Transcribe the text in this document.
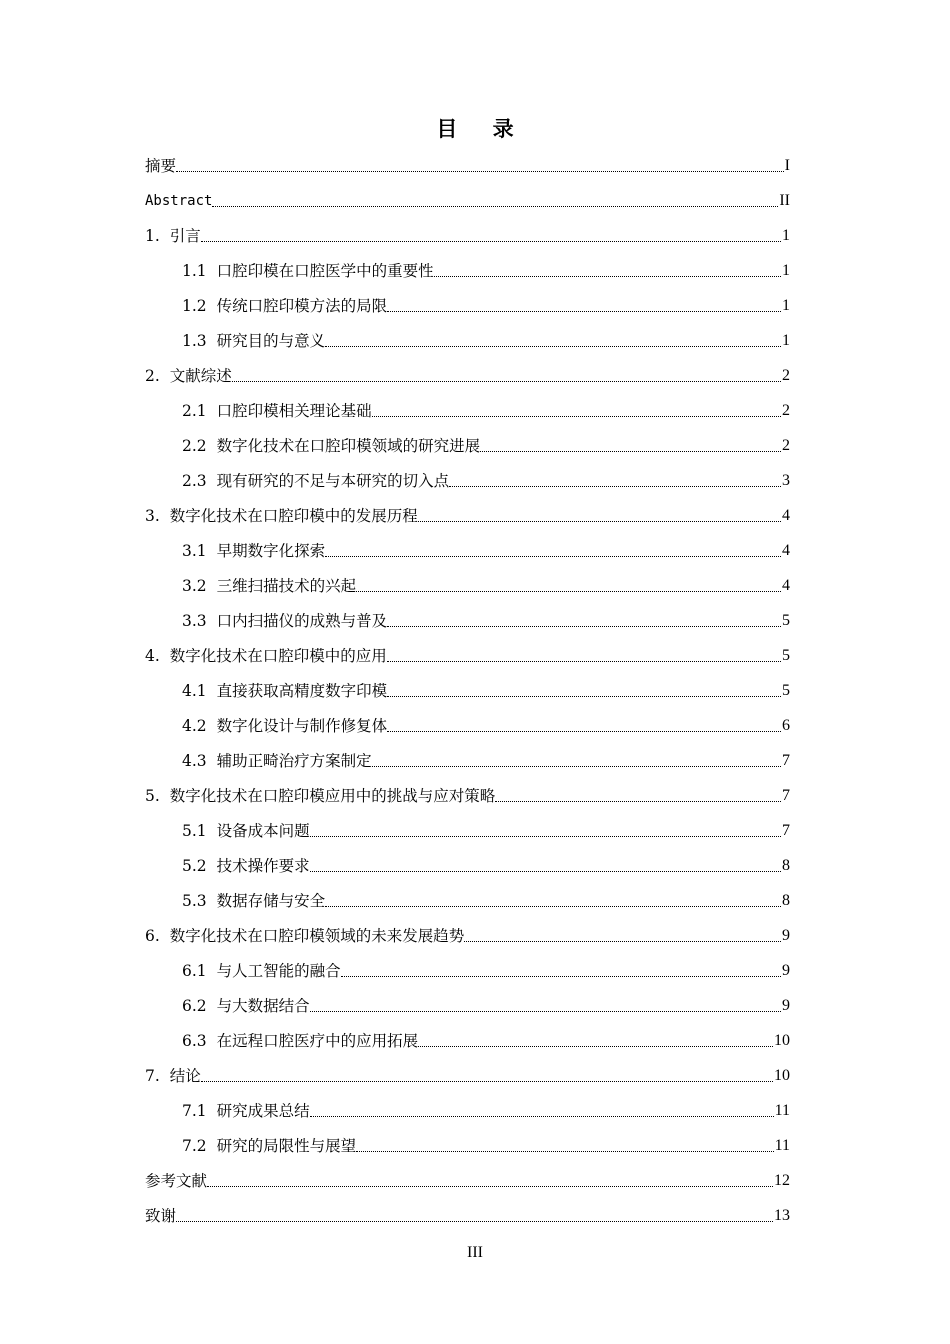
目 录
摘要	I
Abstract	II
1. 引言	1
1.1 口腔印模在口腔医学中的重要性	1
1.2 传统口腔印模方法的局限	1
1.3 研究目的与意义	1
2. 文献综述	2
2.1 口腔印模相关理论基础	2
2.2 数字化技术在口腔印模领域的研究进展	2
2.3 现有研究的不足与本研究的切入点	3
3. 数字化技术在口腔印模中的发展历程	4
3.1 早期数字化探索	4
3.2 三维扫描技术的兴起	4
3.3 口内扫描仪的成熟与普及	5
4. 数字化技术在口腔印模中的应用	5
4.1 直接获取高精度数字印模	5
4.2 数字化设计与制作修复体	6
4.3 辅助正畸治疗方案制定	7
5. 数字化技术在口腔印模应用中的挑战与应对策略	7
5.1 设备成本问题	7
5.2 技术操作要求	8
5.3 数据存储与安全	8
6. 数字化技术在口腔印模领域的未来发展趋势	9
6.1 与人工智能的融合	9
6.2 与大数据结合	9
6.3 在远程口腔医疗中的应用拓展	10
7. 结论	10
7.1 研究成果总结	11
7.2 研究的局限性与展望	11
参考文献	12
致谢	13
III
